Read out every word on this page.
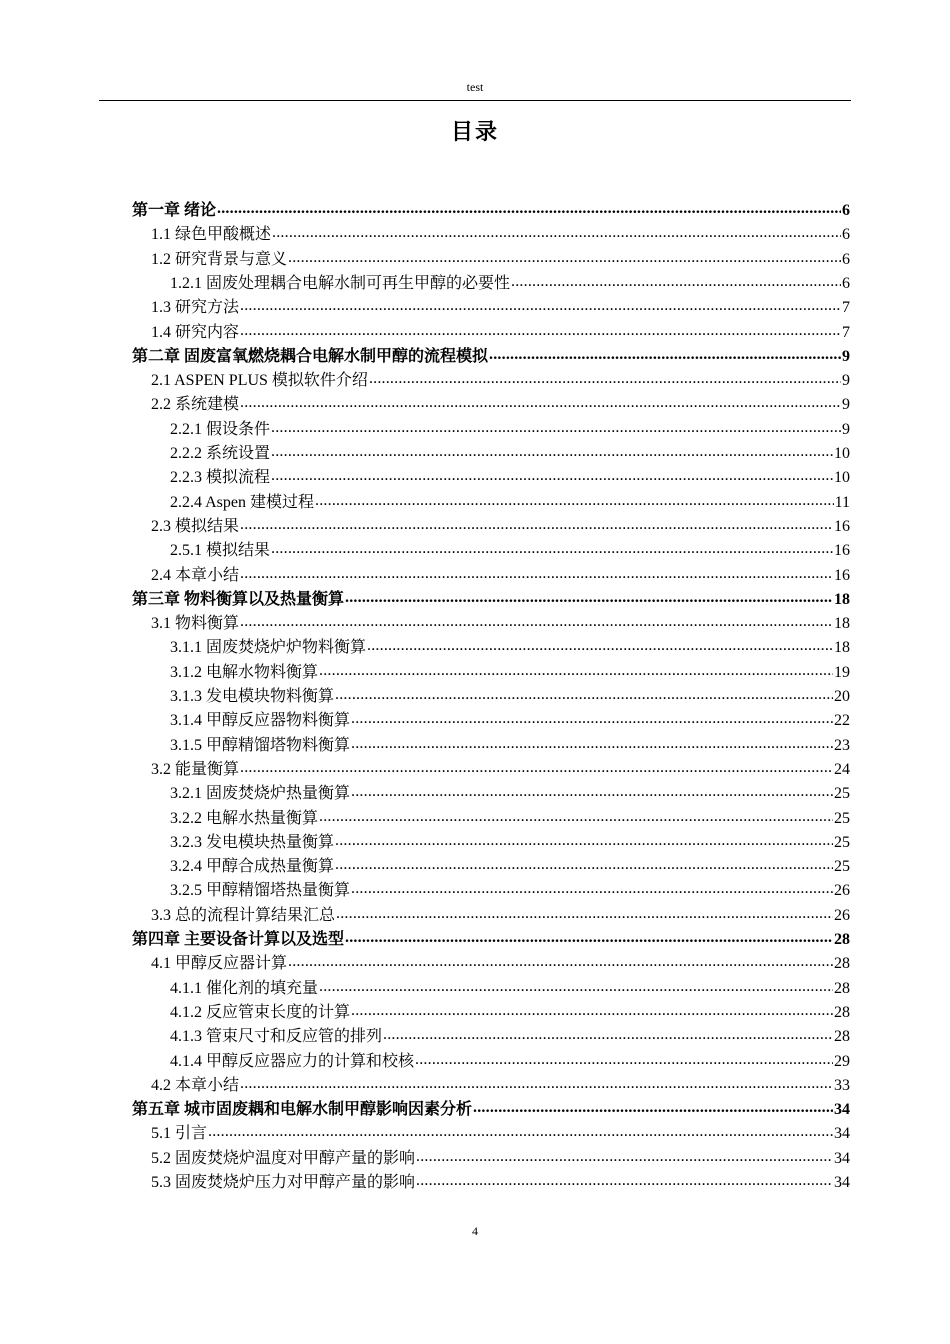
test
目录
第一章 绪论 .....	6
1.1 绿色甲酸概述 .....	6
1.2 研究背景与意义 .....	6
1.2.1 固废处理耦合电解水制可再生甲醇的必要性 .....	6
1.3 研究方法 .....	7
1.4 研究内容 .....	7
第二章 固废富氧燃烧耦合电解水制甲醇的流程模拟 .....	9
2.1 ASPEN PLUS 模拟软件介绍 .....	9
2.2 系统建模 .....	9
2.2.1 假设条件 .....	9
2.2.2 系统设置 .....	10
2.2.3 模拟流程 .....	10
2.2.4 Aspen 建模过程 .....	11
2.3 模拟结果 .....	16
2.5.1 模拟结果 .....	16
2.4 本章小结 .....	16
第三章 物料衡算以及热量衡算 .....	18
3.1 物料衡算 .....	18
3.1.1 固废焚烧炉炉物料衡算 .....	18
3.1.2 电解水物料衡算 .....	19
3.1.3 发电模块物料衡算 .....	20
3.1.4 甲醇反应器物料衡算 .....	22
3.1.5 甲醇精馏塔物料衡算 .....	23
3.2 能量衡算 .....	24
3.2.1 固废焚烧炉热量衡算 .....	25
3.2.2 电解水热量衡算 .....	25
3.2.3 发电模块热量衡算 .....	25
3.2.4 甲醇合成热量衡算 .....	25
3.2.5 甲醇精馏塔热量衡算 .....	26
3.3 总的流程计算结果汇总 .....	26
第四章 主要设备计算以及选型 .....	28
4.1 甲醇反应器计算 .....	28
4.1.1 催化剂的填充量 .....	28
4.1.2 反应管束长度的计算 .....	28
4.1.3 管束尺寸和反应管的排列 .....	28
4.1.4 甲醇反应器应力的计算和校核 .....	29
4.2 本章小结 .....	33
第五章 城市固废耦和电解水制甲醇影响因素分析 .....	34
5.1 引言 .....	34
5.2 固废焚烧炉温度对甲醇产量的影响 .....	34
5.3 固废焚烧炉压力对甲醇产量的影响 .....	34
4
